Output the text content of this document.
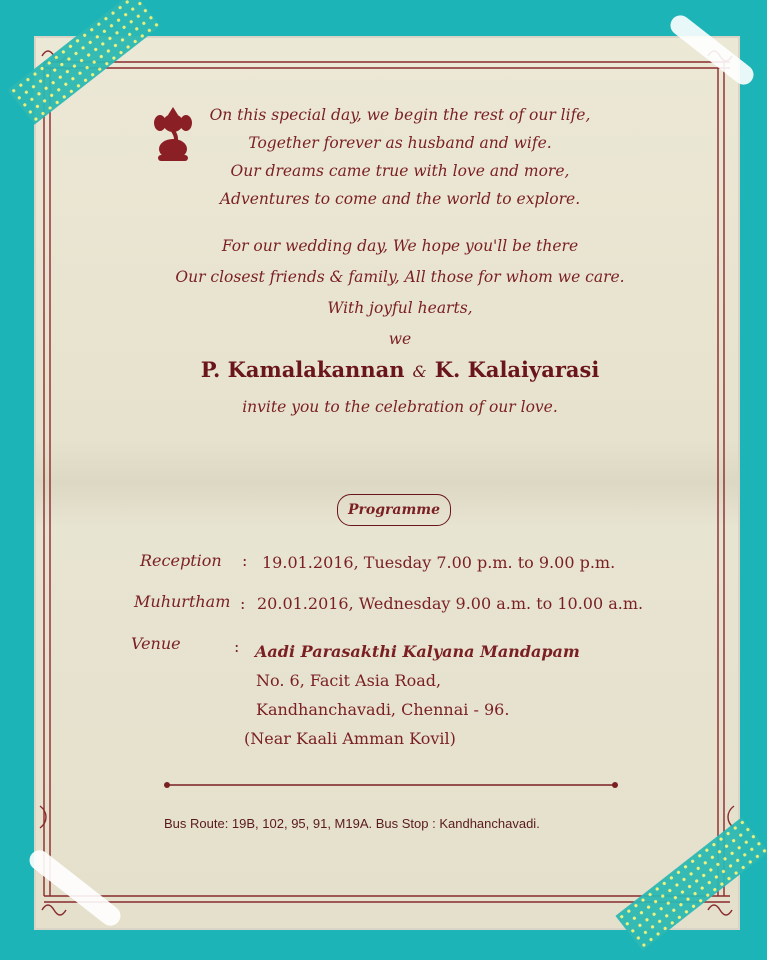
On this special day, we begin the rest of our life,
Together forever as husband and wife.
Our dreams came true with love and more,
Adventures to come and the world to explore.
For our wedding day, We hope you'll be there
Our closest friends & family, All those for whom we care.
With joyful hearts,
we
P. Kamalakannan & K. Kalaiyarasi
invite you to the celebration of our love.
Programme
Reception : 19.01.2016, Tuesday 7.00 p.m. to 9.00 p.m.
Muhurtham : 20.01.2016, Wednesday 9.00 a.m. to 10.00 a.m.
Venue	: Aadi Parasakthi Kalyana Mandapam
No. 6, Facit Asia Road,
Kandhanchavadi, Chennai - 96.
(Near Kaali Amman Kovil)
Bus Route: 19B, 102, 95, 91, M19A. Bus Stop : Kandhanchavadi.
